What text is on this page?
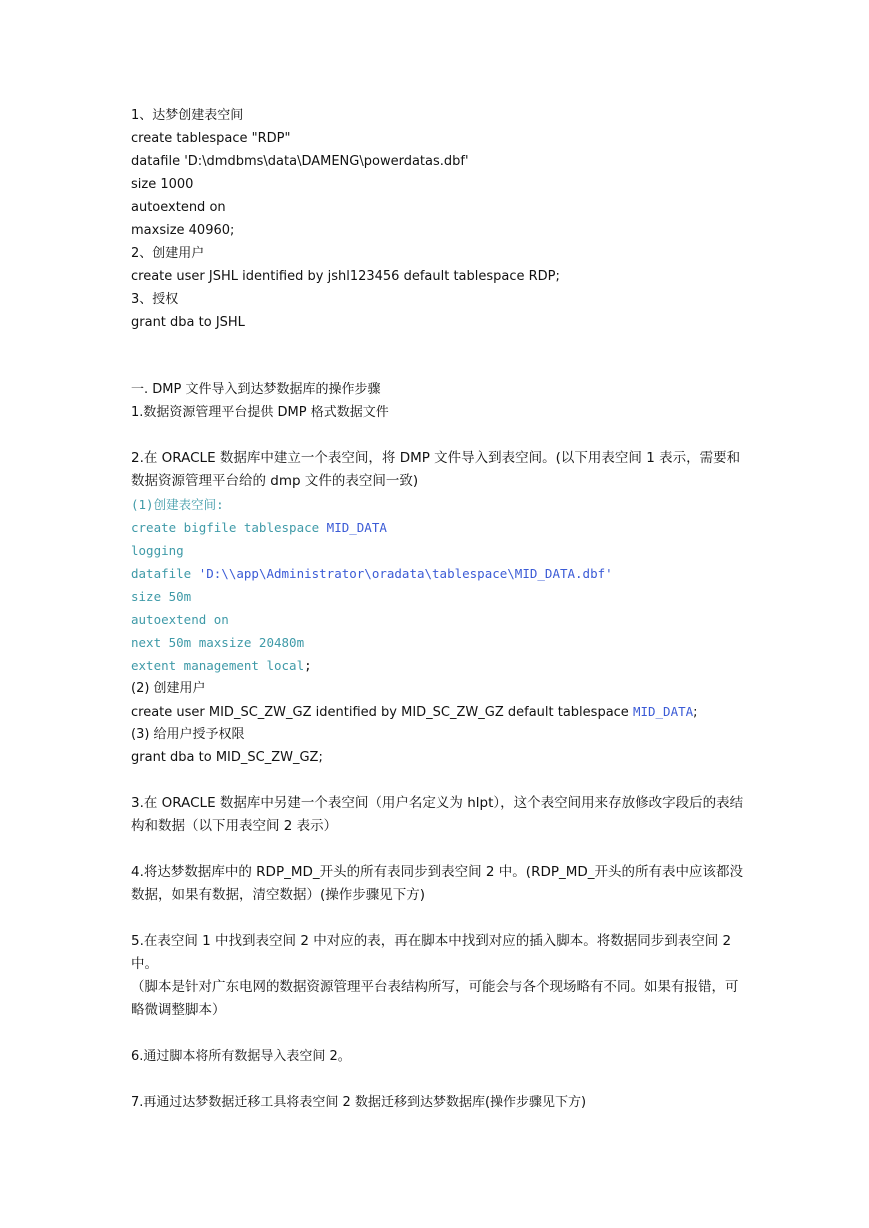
1、达梦创建表空间
create tablespace "RDP"
datafile 'D:\dmdbms\data\DAMENG\powerdatas.dbf'
size 1000
autoextend on
maxsize 40960;
2、创建用户
create user JSHL identified by jshl123456 default tablespace RDP;
3、授权
grant dba to JSHL
一. DMP 文件导入到达梦数据库的操作步骤
1.数据资源管理平台提供 DMP 格式数据文件
2.在 ORACLE 数据库中建立一个表空间，将 DMP 文件导入到表空间。(以下用表空间 1 表示，需要和数据资源管理平台给的 dmp 文件的表空间一致)
(1)创建表空间:
create bigfile tablespace MID_DATA
logging
datafile 'D:\\app\Administrator\oradata\tablespace\MID_DATA.dbf'
size 50m
autoextend on
next 50m maxsize 20480m
extent management local;
(2) 创建用户
create user MID_SC_ZW_GZ identified by MID_SC_ZW_GZ default tablespace MID_DATA;
(3) 给用户授予权限
grant dba to MID_SC_ZW_GZ;
3.在 ORACLE 数据库中另建一个表空间（用户名定义为 hlpt），这个表空间用来存放修改字段后的表结构和数据（以下用表空间 2 表示）
4.将达梦数据库中的 RDP_MD_开头的所有表同步到表空间 2 中。(RDP_MD_开头的所有表中应该都没数据，如果有数据，清空数据）(操作步骤见下方)
5.在表空间 1 中找到表空间 2 中对应的表，再在脚本中找到对应的插入脚本。将数据同步到表空间 2 中。
（脚本是针对广东电网的数据资源管理平台表结构所写，可能会与各个现场略有不同。如果有报错，可略微调整脚本）
6.通过脚本将所有数据导入表空间 2。
7.再通过达梦数据迁移工具将表空间 2 数据迁移到达梦数据库(操作步骤见下方)
